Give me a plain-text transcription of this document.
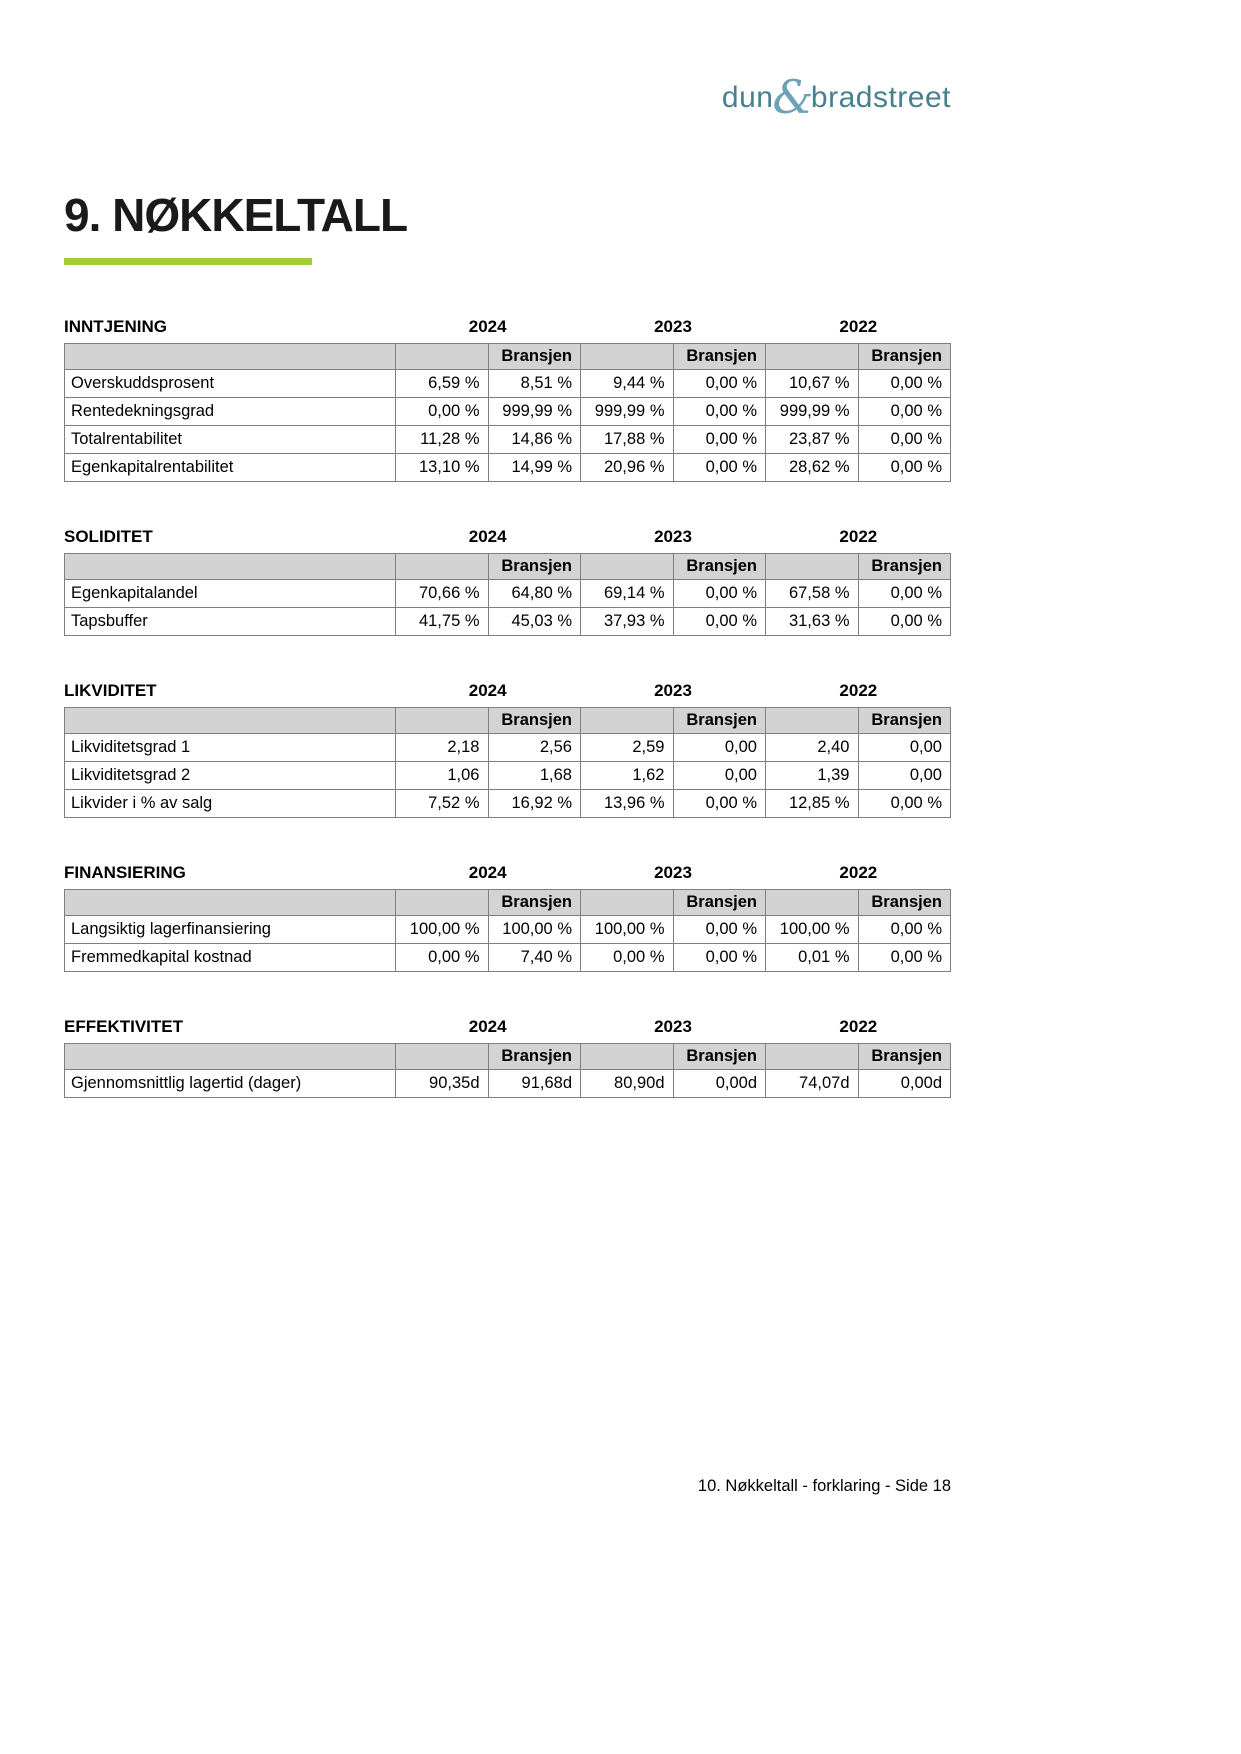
dun&bradstreet
9. NØKKELTALL
INNTJENING	2024	2023	2022
		Bransjen		Bransjen		Bransjen
Overskuddsprosent	6,59 %	8,51 %	9,44 %	0,00 %	10,67 %	0,00 %
Rentedekningsgrad	0,00 %	999,99 %	999,99 %	0,00 %	999,99 %	0,00 %
Totalrentabilitet	11,28 %	14,86 %	17,88 %	0,00 %	23,87 %	0,00 %
Egenkapitalrentabilitet	13,10 %	14,99 %	20,96 %	0,00 %	28,62 %	0,00 %
SOLIDITET	2024	2023	2022
		Bransjen		Bransjen		Bransjen
Egenkapitalandel	70,66 %	64,80 %	69,14 %	0,00 %	67,58 %	0,00 %
Tapsbuffer	41,75 %	45,03 %	37,93 %	0,00 %	31,63 %	0,00 %
LIKVIDITET	2024	2023	2022
		Bransjen		Bransjen		Bransjen
Likviditetsgrad 1	2,18	2,56	2,59	0,00	2,40	0,00
Likviditetsgrad 2	1,06	1,68	1,62	0,00	1,39	0,00
Likvider i % av salg	7,52 %	16,92 %	13,96 %	0,00 %	12,85 %	0,00 %
FINANSIERING	2024	2023	2022
		Bransjen		Bransjen		Bransjen
Langsiktig lagerfinansiering	100,00 %	100,00 %	100,00 %	0,00 %	100,00 %	0,00 %
Fremmedkapital kostnad	0,00 %	7,40 %	0,00 %	0,00 %	0,01 %	0,00 %
EFFEKTIVITET	2024	2023	2022
		Bransjen		Bransjen		Bransjen
Gjennomsnittlig lagertid (dager)	90,35d	91,68d	80,90d	0,00d	74,07d	0,00d
10. Nøkkeltall - forklaring - Side 18
